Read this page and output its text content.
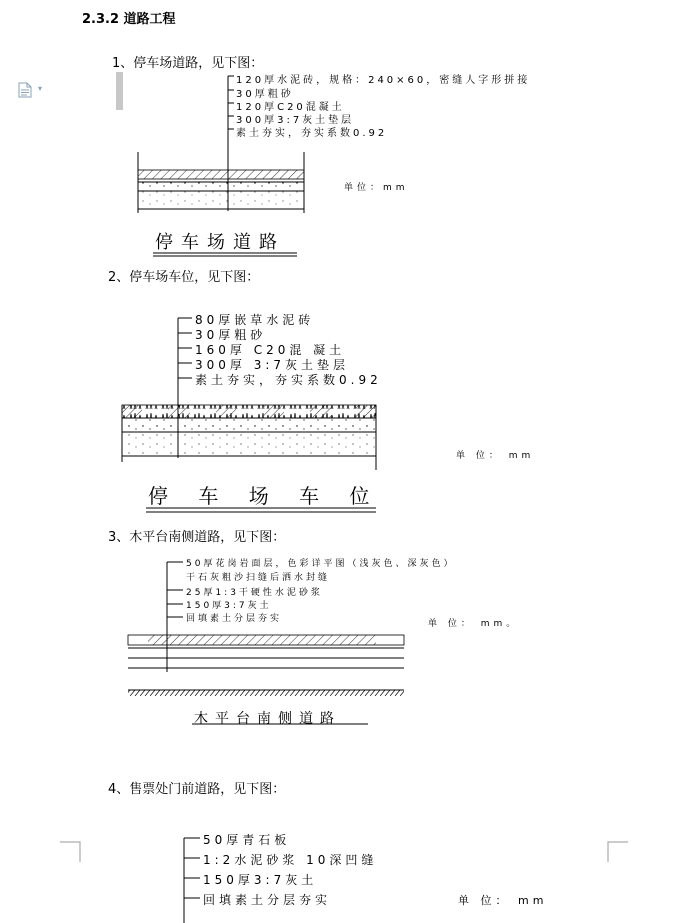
▾
2.3.2 道路工程
1、停车场道路，见下图：
120厚水泥砖，规格：240×60，密缝人字形拼接
30厚粗砂
120厚C20混凝土
300厚3:7灰土垫层
素土夯实，夯实系数0.92
单位：mm
停车场道路
2、停车场车位，见下图：
80厚嵌草水泥砖
30厚粗砂
160厚 C20混 凝土
300厚 3:7灰土垫层
素土夯实，夯实系数0.92
单 位： mm
停 车 场 车 位
3、木平台南侧道路，见下图：
50厚花岗岩面层，色彩详平图（浅灰色、深灰色）
干石灰粗沙扫缝后洒水封缝
25厚1:3干硬性水泥砂浆
150厚3:7灰土
回填素土分层夯实	单 位： mm。
木平台南侧道路
4、售票处门前道路，见下图：
50厚青石板
1:2水泥砂浆 10深凹缝
150厚3:7灰土
回填素土分层夯实	单 位： mm
